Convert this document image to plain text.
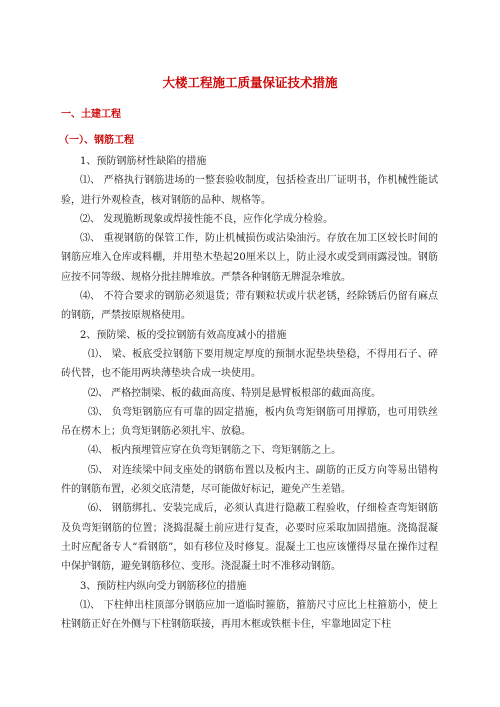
大楼工程施工质量保证技术措施
一、土建工程
（一）、钢筋工程

1、预防钢筋材性缺陷的措施

⑴、 严格执行钢筋进场的一整套验收制度，包括检查出厂证明书，作机械性能试验，进行外观检查，核对钢筋的品种、规格等。

⑵、 发现脆断现象或焊接性能不良，应作化学成分检验。

⑶、 重视钢筋的保管工作，防止机械损伤或沾染油污。存放在加工区较长时间的钢筋应堆入仓库或料棚，并用垫木垫起20厘米以上，防止浸水或受到雨露浸蚀。钢筋应按不同等级、规格分批挂牌堆放。严禁各种钢筋无牌混杂堆放。

⑷、 不符合要求的钢筋必须退货；带有颗粒状或片状老锈，经除锈后仍留有麻点的钢筋，严禁按原规格使用。

2、预防梁、板的受拉钢筋有效高度减小的措施

⑴、 梁、板底受拉钢筋下要用规定厚度的预制水泥垫块垫稳，不得用石子、碎砖代替，也不能用两块薄垫块合成一块使用。

⑵、 严格控制梁、板的截面高度、特别是悬臂板根部的截面高度。

⑶、 负弯矩钢筋应有可靠的固定措施，板内负弯矩钢筋可用撑筋，也可用铁丝吊在楞木上；负弯矩钢筋必须扎牢、放稳。

⑷、 板内预埋管应穿在负弯矩钢筋之下、弯矩钢筋之上。

⑸、 对连续梁中间支座处的钢筋布置以及板内主、副筋的正反方向等易出错构件的钢筋布置，必须交底清楚，尽可能做好标记，避免产生差错。

⑹、 钢筋绑扎、安装完成后，必须认真进行隐蔽工程验收，仔细检查弯矩钢筋及负弯矩钢筋的位置；浇捣混凝土前应进行复查，必要时应采取加固措施。浇捣混凝土时应配备专人“看钢筋”，如有移位及时修复。混凝土工也应该懂得尽量在操作过程中保护钢筋，避免钢筋移位、变形。浇混凝土时不准移动钢筋。

3、预防柱内纵向受力钢筋移位的措施

⑴、 下柱伸出柱顶部分钢筋应加一道临时箍筋，箍筋尺寸应比上柱箍筋小，使上柱钢筋正好在外侧与下柱钢筋联接，再用木框或铁框卡住，牢靠地固定下柱
